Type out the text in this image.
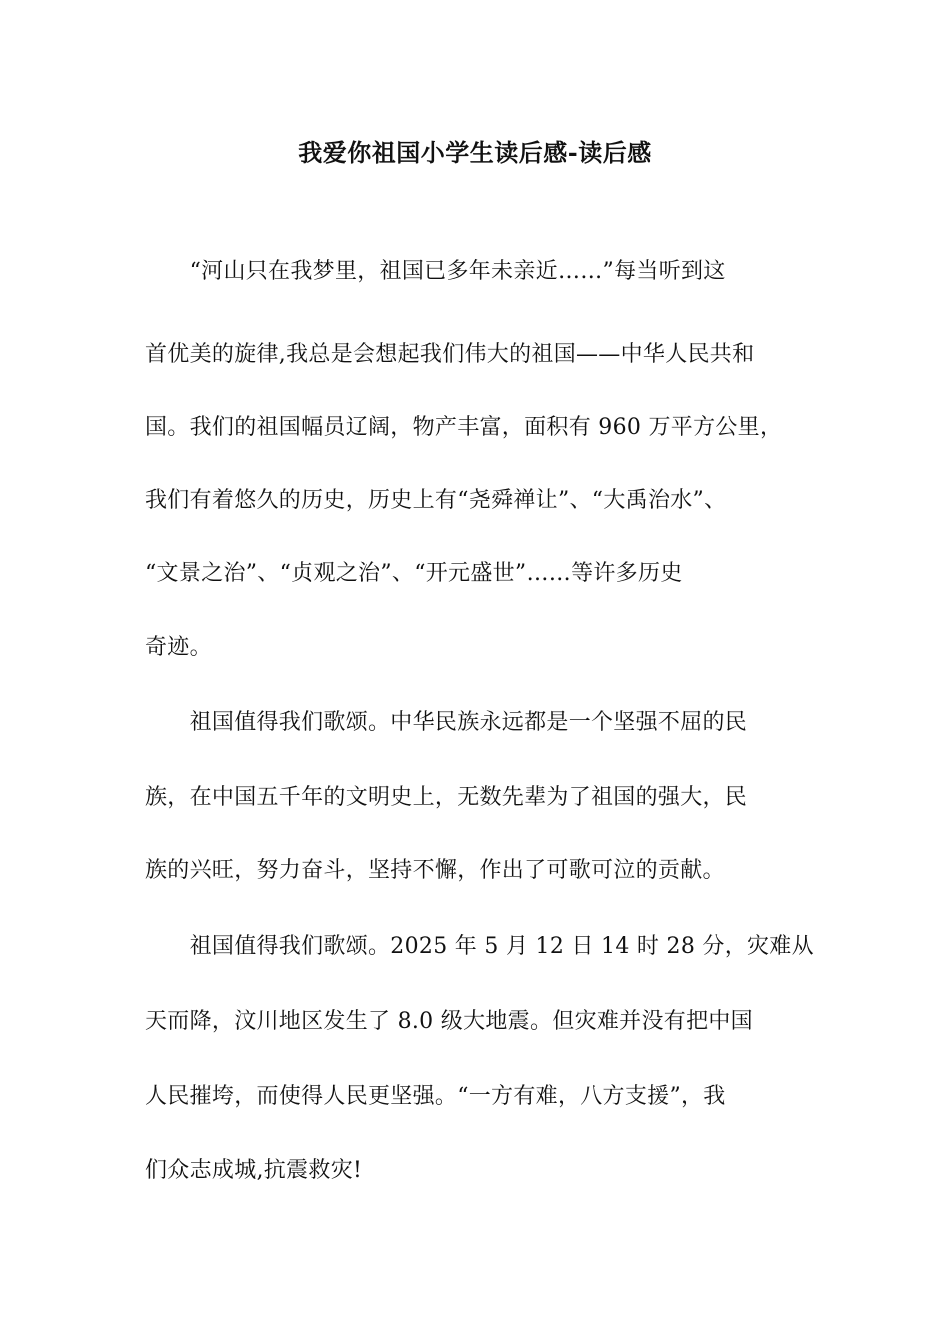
我爱你祖国小学生读后感-读后感
　　“河山只在我梦里，祖国已多年未亲近……”每当听到这
首优美的旋律,我总是会想起我们伟大的祖国——中华人民共和
国。我们的祖国幅员辽阔，物产丰富，面积有 960 万平方公里，
我们有着悠久的历史，历史上有“尧舜禅让”、“大禹治水”、
“文景之治”、“贞观之治”、“开元盛世”……等许多历史
奇迹。
　　祖国值得我们歌颂。中华民族永远都是一个坚强不屈的民
族，在中国五千年的文明史上，无数先辈为了祖国的强大，民
族的兴旺，努力奋斗，坚持不懈，作出了可歌可泣的贡献。
　　祖国值得我们歌颂。2025 年 5 月 12 日 14 时 28 分，灾难从
天而降，汶川地区发生了 8.0 级大地震。但灾难并没有把中国
人民摧垮，而使得人民更坚强。“一方有难，八方支援”，我
们众志成城,抗震救灾!
